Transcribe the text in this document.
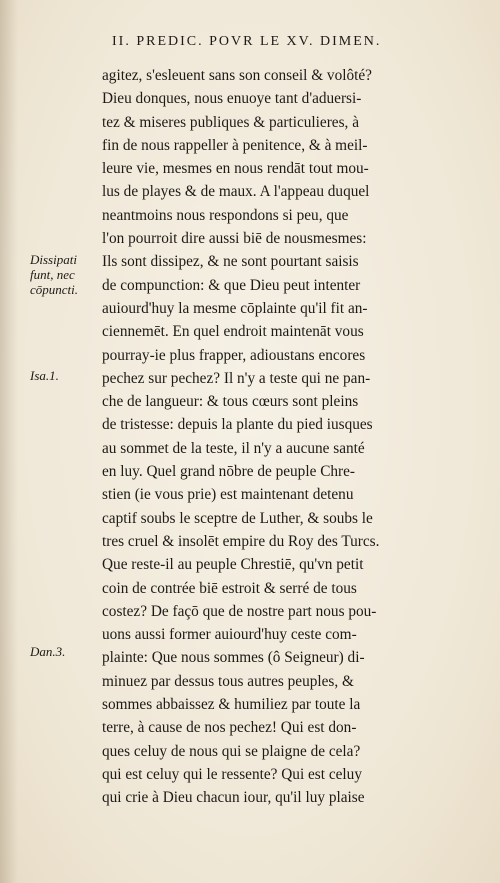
II. PREDIC. POVR LE XV. DIMEN.
Dissipati funt, nec cōpuncti.
Isa.1.
Dan.3.
agitez, s'esleuent sans son conseil & volôté?
Dieu donques, nous enuoye tant d'aduersi-
tez & miseres publiques & particulieres, à
fin de nous rappeller à penitence, & à meil-
leure vie, mesmes en nous rendāt tout mou-
lus de playes & de maux. A l'appeau duquel
neantmoins nous respondons si peu, que
l'on pourroit dire aussi biē de nousmesmes:
Ils sont dissipez, & ne sont pourtant saisis
de compunction: & que Dieu peut intenter
auiourd'huy la mesme cōplainte qu'il fit an-
ciennemēt. En quel endroit maintenāt vous
pourray-ie plus frapper, adioustans encores
pechez sur pechez? Il n'y a teste qui ne pan-
che de langueur: & tous cœurs sont pleins
de tristesse: depuis la plante du pied iusques
au sommet de la teste, il n'y a aucune santé
en luy. Quel grand nōbre de peuple Chre-
stien (ie vous prie) est maintenant detenu
captif soubs le sceptre de Luther, & soubs le
tres cruel & insolēt empire du Roy des Turcs.
Que reste-il au peuple Chrestiē, qu'vn petit
coin de contrée biē estroit & serré de tous
costez? De façō que de nostre part nous pou-
uons aussi former auiourd'huy ceste com-
plainte: Que nous sommes (ô Seigneur) di-
minuez par dessus tous autres peuples, &
sommes abbaissez & humiliez par toute la
terre, à cause de nos pechez! Qui est don-
ques celuy de nous qui se plaigne de cela?
qui est celuy qui le ressente? Qui est celuy
qui crie à Dieu chacun iour, qu'il luy plaise
